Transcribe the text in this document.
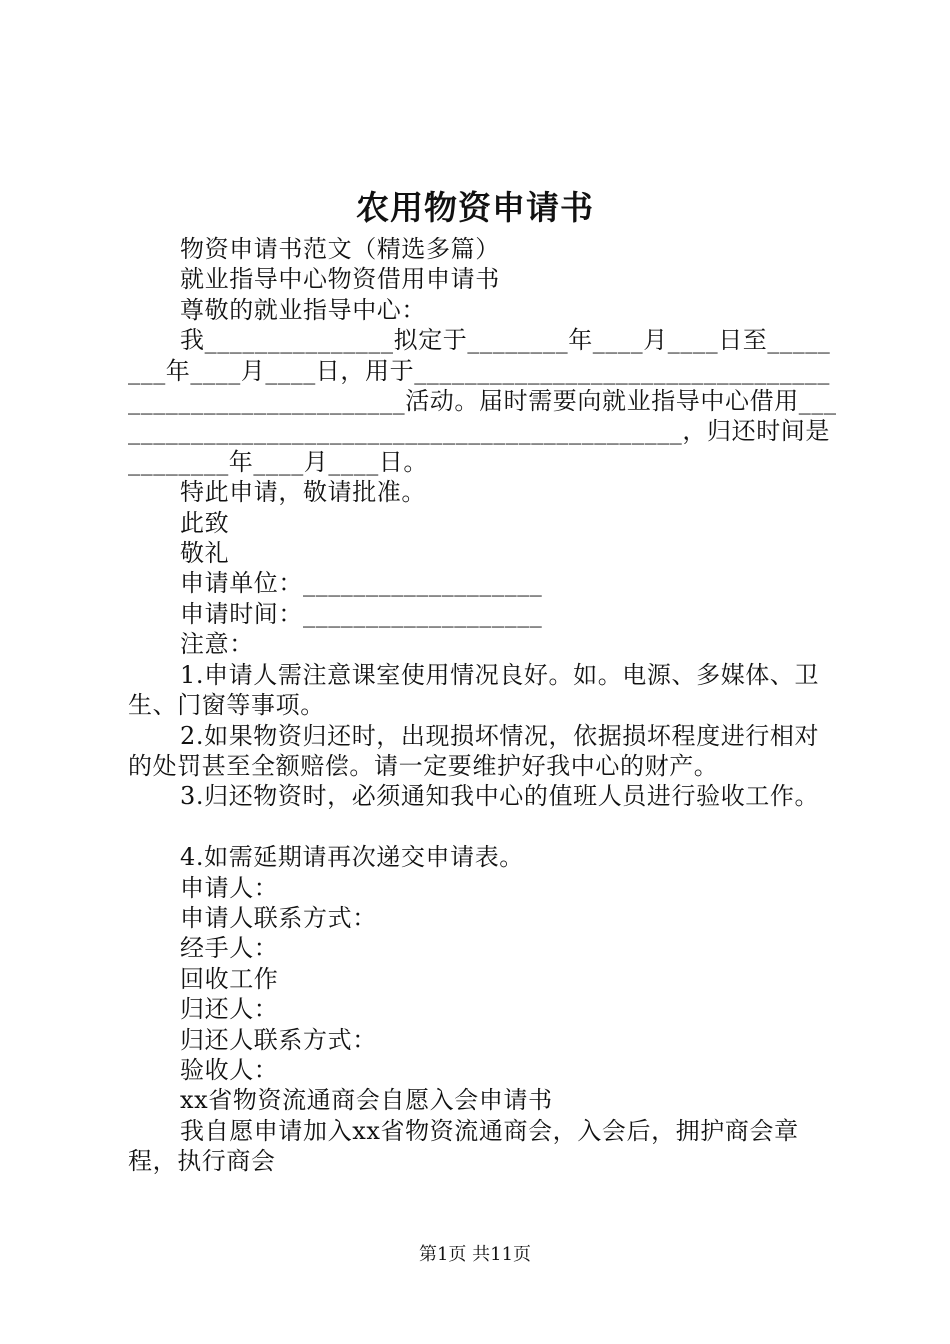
农用物资申请书

物资申请书范文（精选多篇）

就业指导中心物资借用申请书

尊敬的就业指导中心：

我_______________拟定于________年____月____日至________年____月____日，用于_______________________________________________________活动。届时需要向就业指导中心借用_______________________________________________，归还时间是________年____月____日。

特此申请，敬请批准。

此致

敬礼

申请单位：___________________

申请时间：___________________

注意：

1.申请人需注意课室使用情况良好。如。电源、多媒体、卫生、门窗等事项。

2.如果物资归还时，出现损坏情况，依据损坏程度进行相对的处罚甚至全额赔偿。请一定要维护好我中心的财产。

3.归还物资时，必须通知我中心的值班人员进行验收工作。

4.如需延期请再次递交申请表。

申请人：

申请人联系方式：

经手人：

回收工作

归还人：

归还人联系方式：

验收人：

xx省物资流通商会自愿入会申请书

我自愿申请加入xx省物资流通商会，入会后，拥护商会章程，执行商会

第1页 共11页
